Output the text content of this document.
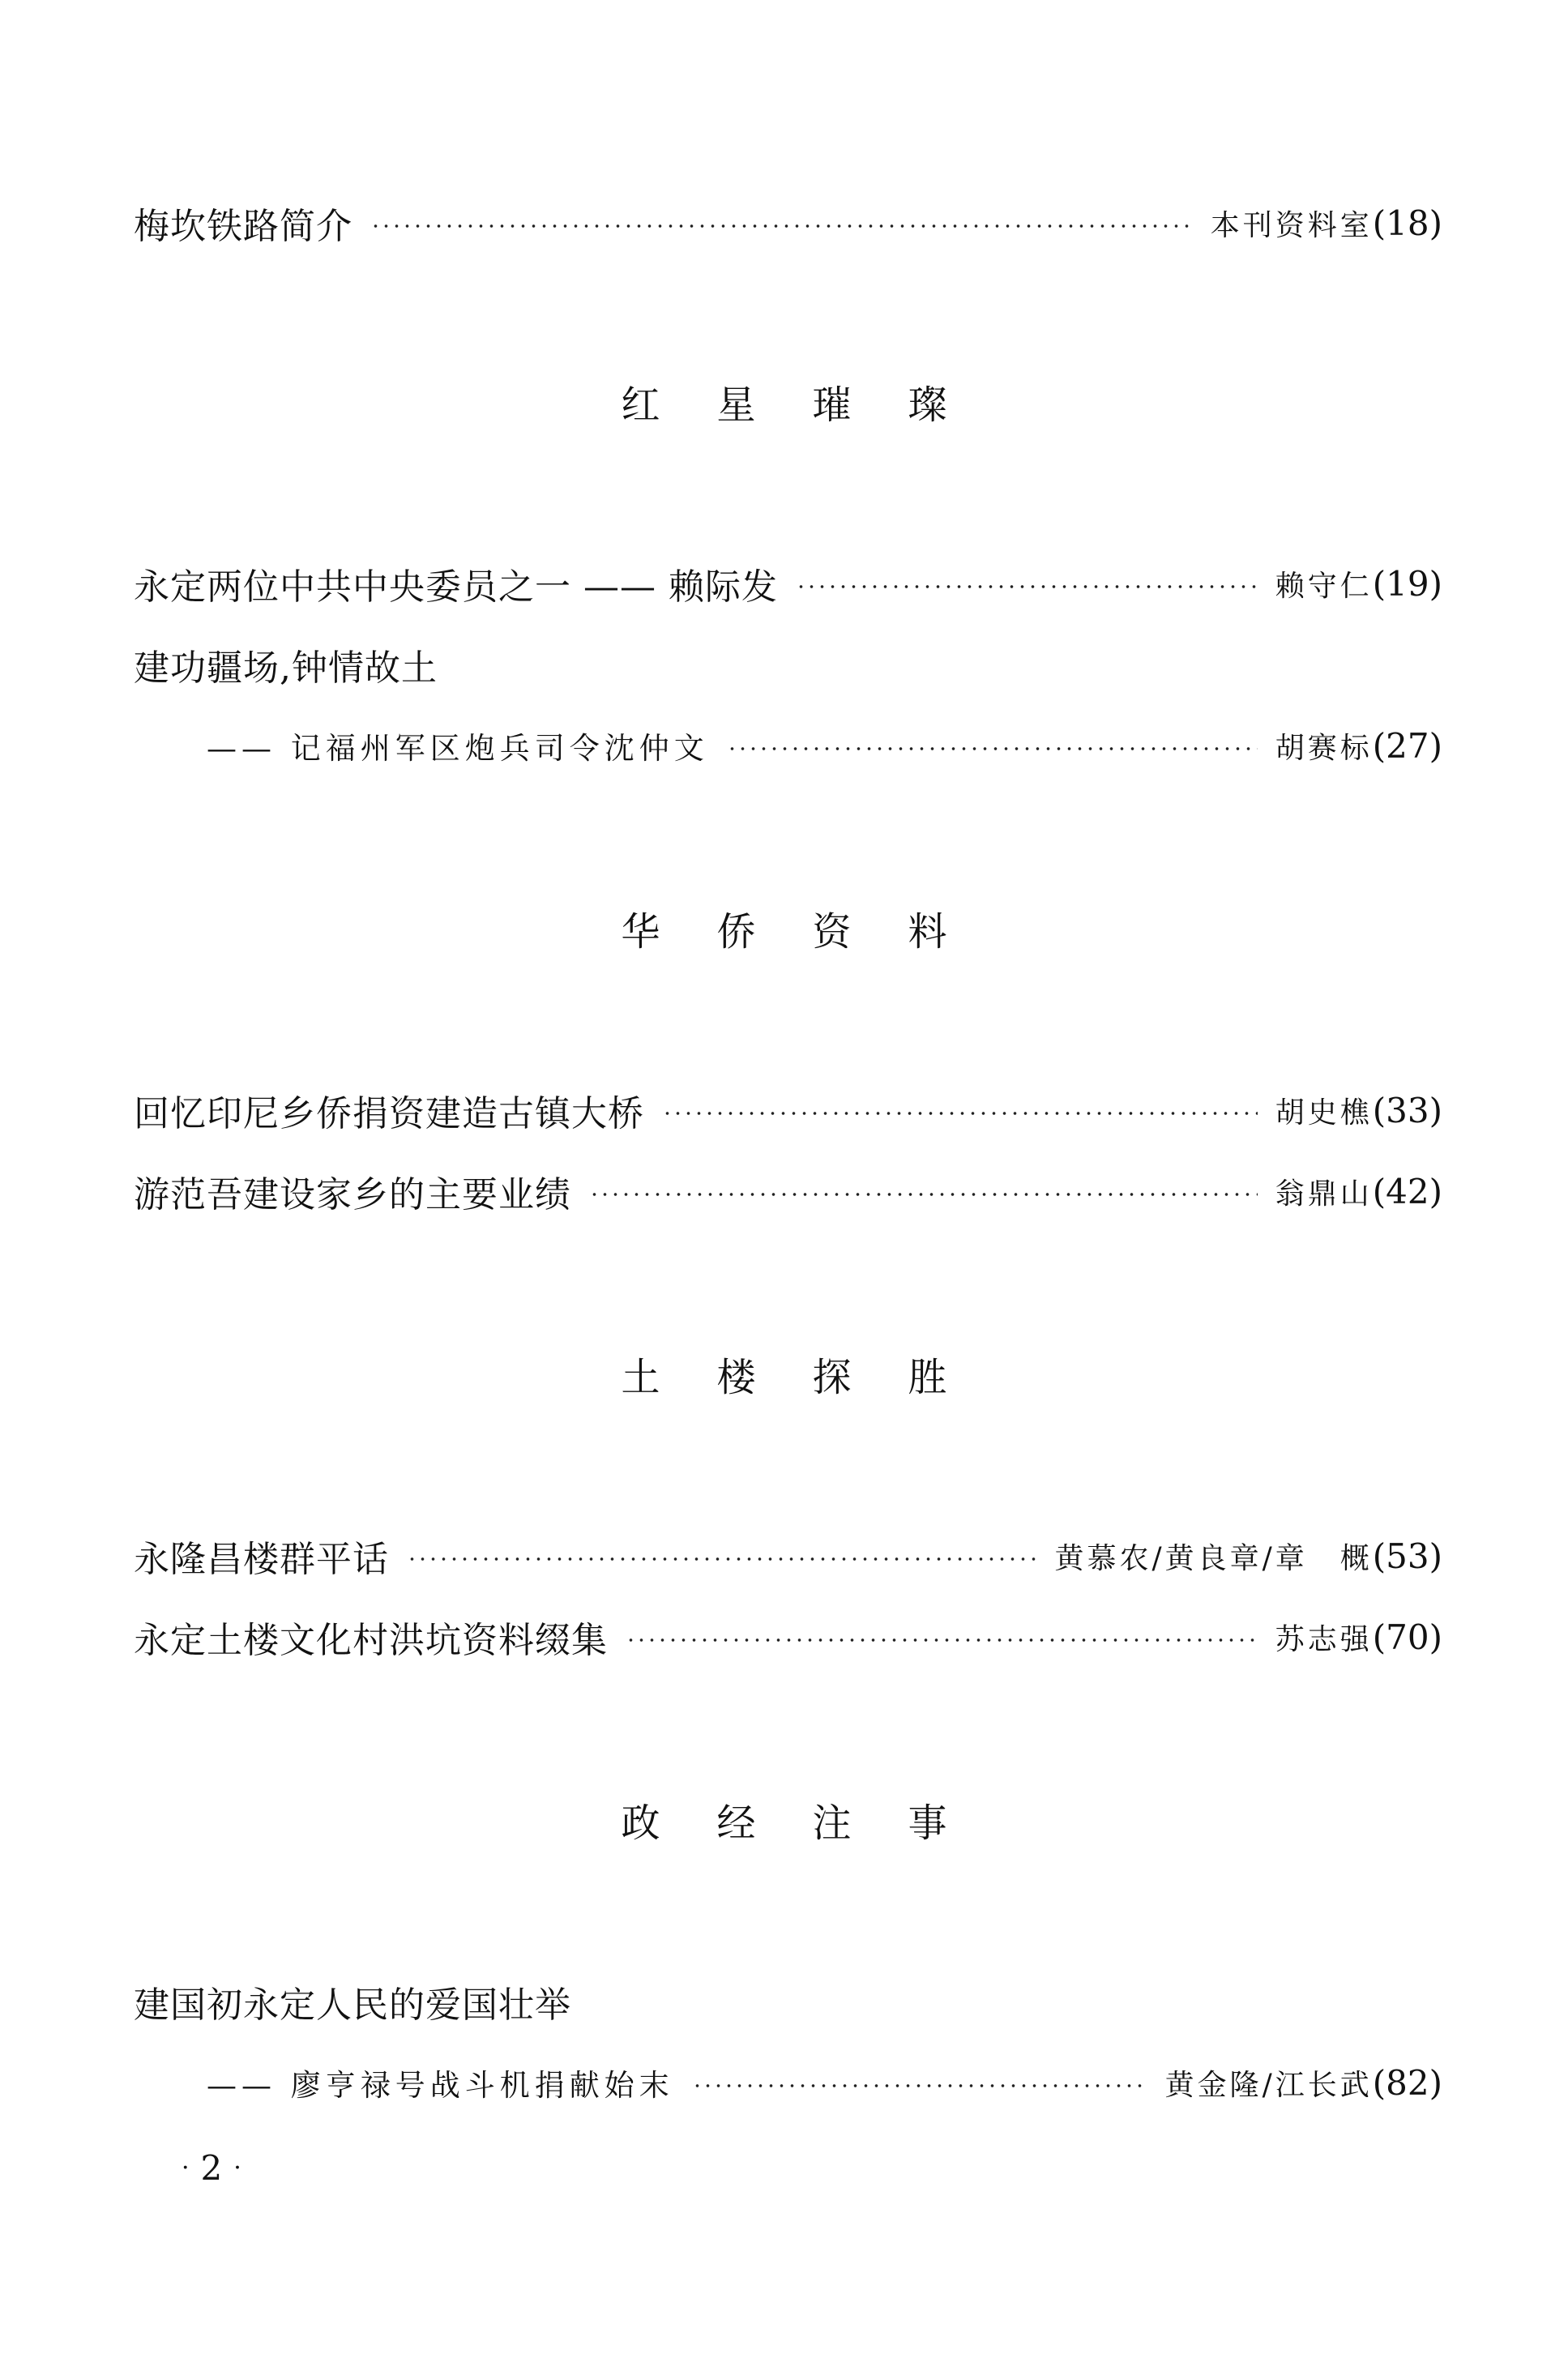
梅坎铁路简介	本刊资料室(18)
红星璀璨
永定两位中共中央委员之一 —— 赖际发	赖守仁(19)
建功疆场,钟情故土
—— 记福州军区炮兵司令沈仲文	胡赛标(27)
华侨资料
回忆印尼乡侨捐资建造古镇大桥	胡史樵(33)
游范吾建设家乡的主要业绩	翁鼎山(42)
土楼探胜
永隆昌楼群平话	黄慕农/黄良章/章　概(53)
永定土楼文化村洪坑资料缀集	苏志强(70)
政经注事
建国初永定人民的爱国壮举
—— 廖亨禄号战斗机捐献始末	黄金隆/江长武(82)
· 2 ·
